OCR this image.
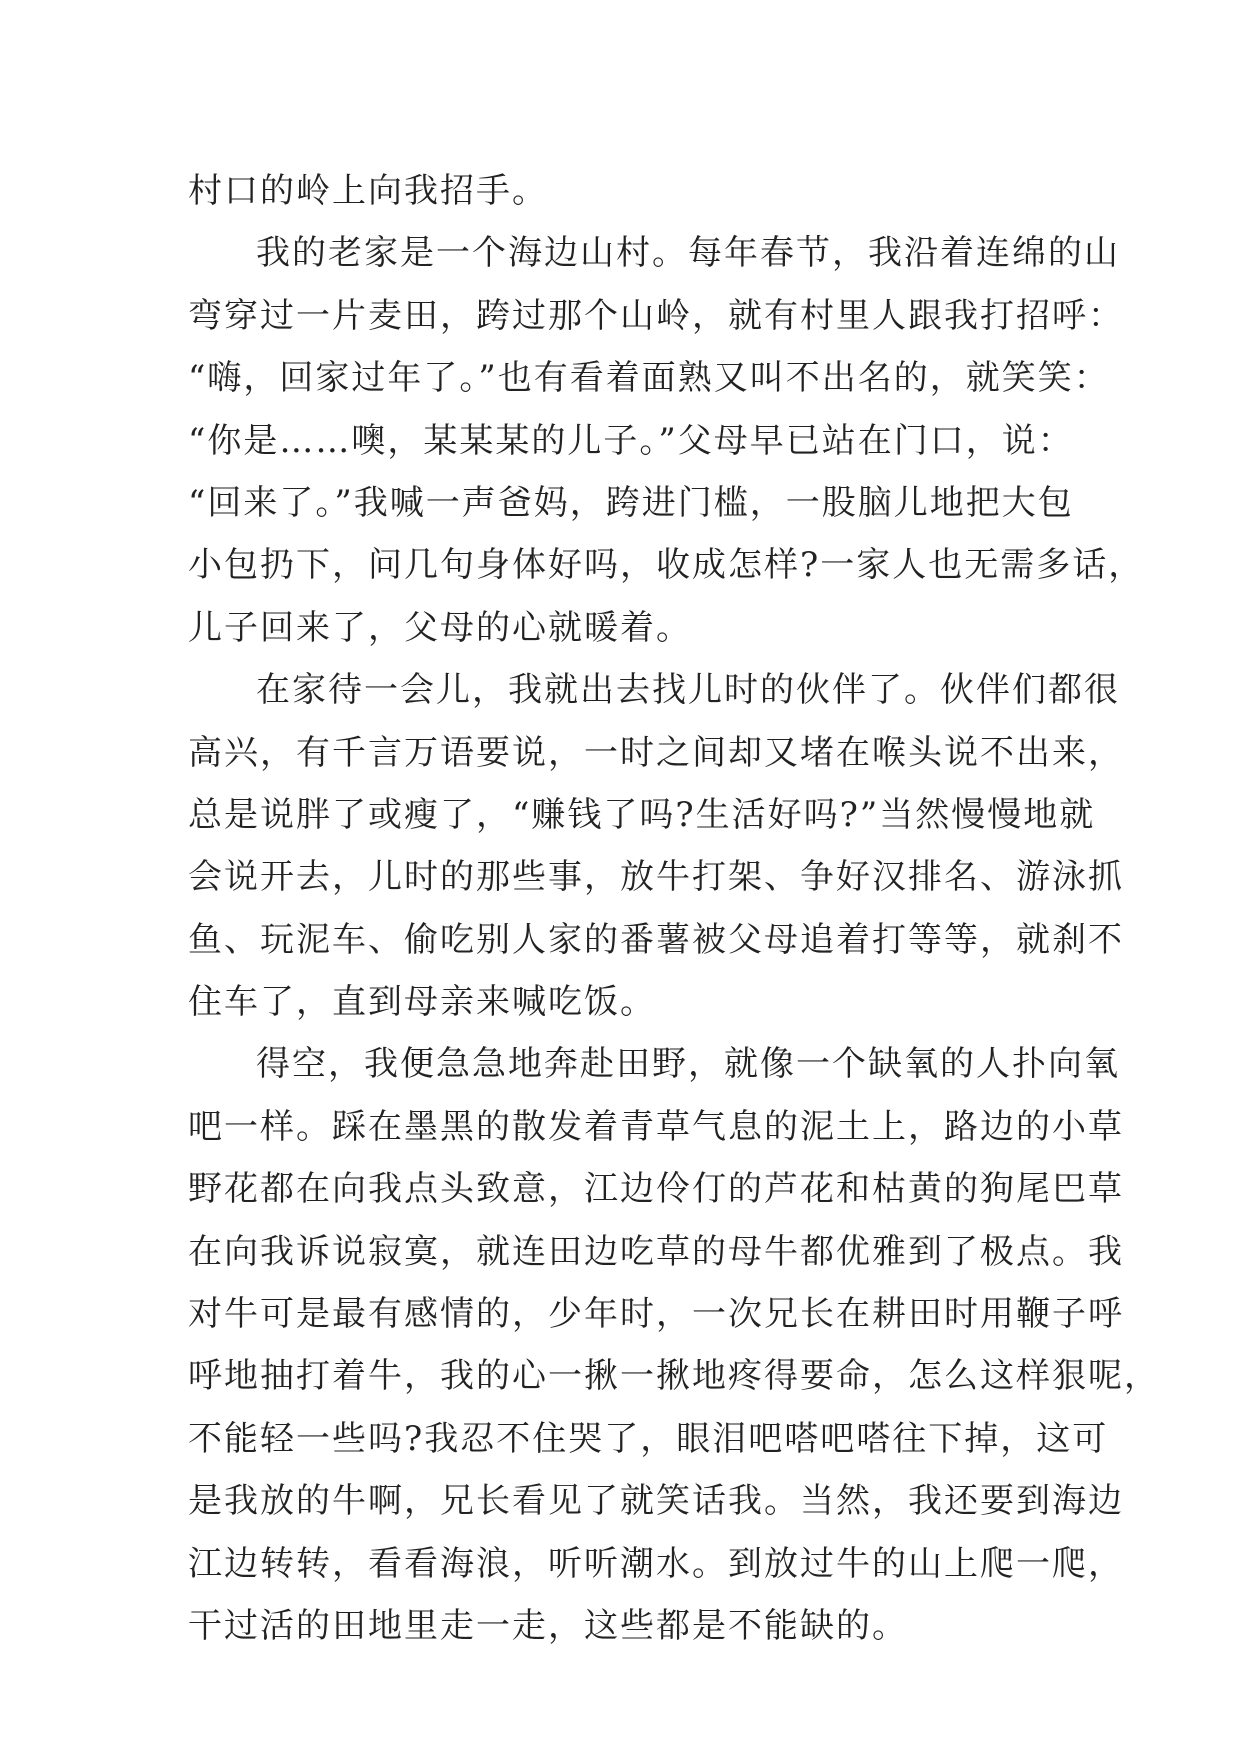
村口的岭上向我招手。
我的老家是一个海边山村。每年春节，我沿着连绵的山
弯穿过一片麦田，跨过那个山岭，就有村里人跟我打招呼：
“嗨，回家过年了。”也有看着面熟又叫不出名的，就笑笑：
“你是……噢，某某某的儿子。”父母早已站在门口，说：
“回来了。”我喊一声爸妈，跨进门槛，一股脑儿地把大包
小包扔下，问几句身体好吗，收成怎样?一家人也无需多话，
儿子回来了，父母的心就暖着。
在家待一会儿，我就出去找儿时的伙伴了。伙伴们都很
高兴，有千言万语要说，一时之间却又堵在喉头说不出来，
总是说胖了或瘦了，“赚钱了吗?生活好吗?”当然慢慢地就
会说开去，儿时的那些事，放牛打架、争好汉排名、游泳抓
鱼、玩泥车、偷吃别人家的番薯被父母追着打等等，就刹不
住车了，直到母亲来喊吃饭。
得空，我便急急地奔赴田野，就像一个缺氧的人扑向氧
吧一样。踩在墨黑的散发着青草气息的泥土上，路边的小草
野花都在向我点头致意，江边伶仃的芦花和枯黄的狗尾巴草
在向我诉说寂寞，就连田边吃草的母牛都优雅到了极点。我
对牛可是最有感情的，少年时，一次兄长在耕田时用鞭子呼
呼地抽打着牛，我的心一揪一揪地疼得要命，怎么这样狠呢，
不能轻一些吗?我忍不住哭了，眼泪吧嗒吧嗒往下掉，这可
是我放的牛啊，兄长看见了就笑话我。当然，我还要到海边
江边转转，看看海浪，听听潮水。到放过牛的山上爬一爬，
干过活的田地里走一走，这些都是不能缺的。
